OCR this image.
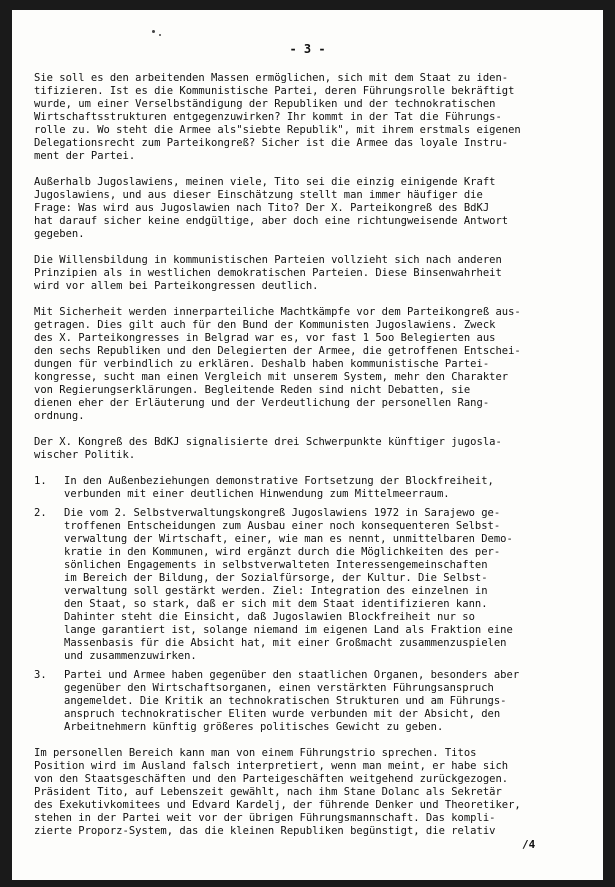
- 3 -

Sie soll es den arbeitenden Massen ermöglichen, sich mit dem Staat zu iden-
tifizieren. Ist es die Kommunistische Partei, deren Führungsrolle bekräftigt
wurde, um einer Verselbständigung der Republiken und der technokratischen
Wirtschaftsstrukturen entgegenzuwirken? Ihr kommt in der Tat die Führungs-
rolle zu. Wo steht die Armee als"siebte Republik", mit ihrem erstmals eigenen
Delegationsrecht zum Parteikongreß? Sicher ist die Armee das loyale Instru-
ment der Partei.

Außerhalb Jugoslawiens, meinen viele, Tito sei die einzig einigende Kraft
Jugoslawiens, und aus dieser Einschätzung stellt man immer häufiger die
Frage: Was wird aus Jugoslawien nach Tito? Der X. Parteikongreß des BdKJ
hat darauf sicher keine endgültige, aber doch eine richtungweisende Antwort
gegeben.

Die Willensbildung in kommunistischen Parteien vollzieht sich nach anderen
Prinzipien als in westlichen demokratischen Parteien. Diese Binsenwahrheit
wird vor allem bei Parteikongressen deutlich.

Mit Sicherheit werden innerparteiliche Machtkämpfe vor dem Parteikongreß aus-
getragen. Dies gilt auch für den Bund der Kommunisten Jugoslawiens. Zweck
des X. Parteikongresses in Belgrad war es, vor fast 1 5oo Belegierten aus
den sechs Republiken und den Delegierten der Armee, die getroffenen Entschei-
dungen für verbindlich zu erklären. Deshalb haben kommunistische Partei-
kongresse, sucht man einen Vergleich mit unserem System, mehr den Charakter
von Regierungserklärungen. Begleitende Reden sind nicht Debatten, sie
dienen eher der Erläuterung und der Verdeutlichung der personellen Rang-
ordnung.

Der X. Kongreß des BdKJ signalisierte drei Schwerpunkte künftiger jugosla-
wischer Politik.

1.	In den Außenbeziehungen demonstrative Fortsetzung der Blockfreiheit,
verbunden mit einer deutlichen Hinwendung zum Mittelmeerraum.
2.	Die vom 2. Selbstverwaltungskongreß Jugoslawiens 1972 in Sarajewo ge-
troffenen Entscheidungen zum Ausbau einer noch konsequenteren Selbst-
verwaltung der Wirtschaft, einer, wie man es nennt, unmittelbaren Demo-
kratie in den Kommunen, wird ergänzt durch die Möglichkeiten des per-
sönlichen Engagements in selbstverwalteten Interessengemeinschaften
im Bereich der Bildung, der Sozialfürsorge, der Kultur. Die Selbst-
verwaltung soll gestärkt werden. Ziel: Integration des einzelnen in
den Staat, so stark, daß er sich mit dem Staat identifizieren kann.
Dahinter steht die Einsicht, daß Jugoslawien Blockfreiheit nur so
lange garantiert ist, solange niemand im eigenen Land als Fraktion eine
Massenbasis für die Absicht hat, mit einer Großmacht zusammenzuspielen
und zusammenzuwirken.
3.	Partei und Armee haben gegenüber den staatlichen Organen, besonders aber
gegenüber den Wirtschaftsorganen, einen verstärkten Führungsanspruch
angemeldet. Die Kritik an technokratischen Strukturen und am Führungs-
anspruch technokratischer Eliten wurde verbunden mit der Absicht, den
Arbeitnehmern künftig größeres politisches Gewicht zu geben.

Im personellen Bereich kann man von einem Führungstrio sprechen. Titos
Position wird im Ausland falsch interpretiert, wenn man meint, er habe sich
von den Staatsgeschäften und den Parteigeschäften weitgehend zurückgezogen.
Präsident Tito, auf Lebenszeit gewählt, nach ihm Stane Dolanc als Sekretär
des Exekutivkomitees und Edvard Kardelj, der führende Denker und Theoretiker,
stehen in der Partei weit vor der übrigen Führungsmannschaft. Das kompli-
zierte Proporz-System, das die kleinen Republiken begünstigt, die relativ

/4
